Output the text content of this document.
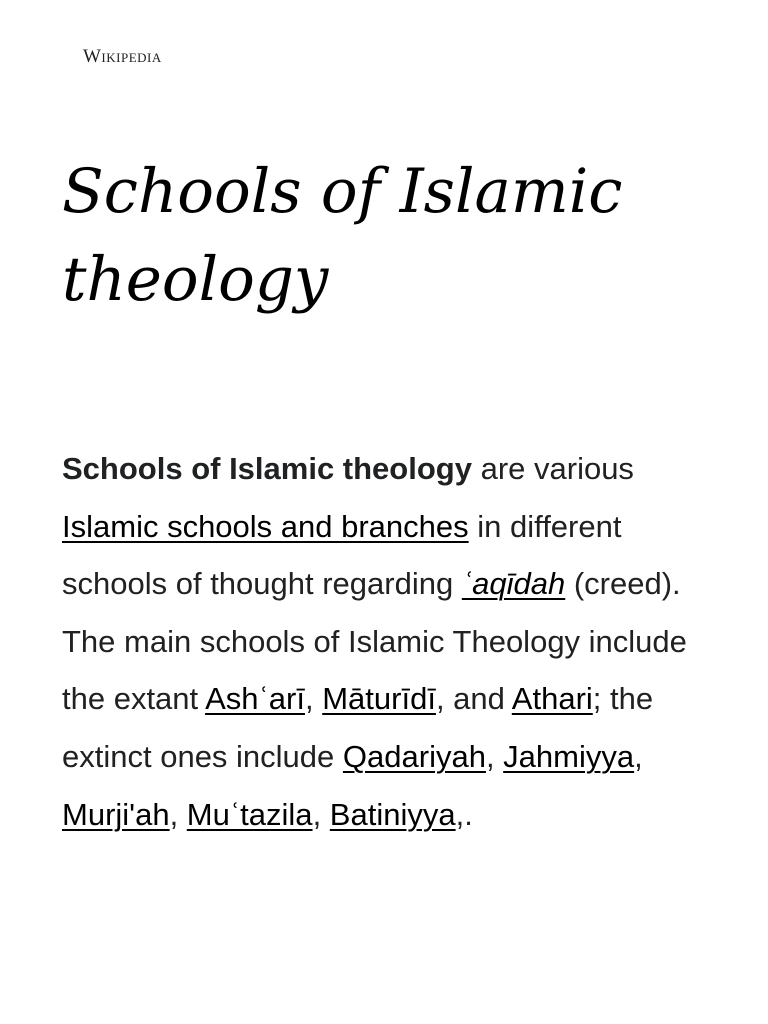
Wikipedia
Schools of Islamic theology

Schools of Islamic theology are various Islamic schools and branches in different schools of thought regarding ʿaqīdah (creed). The main schools of Islamic Theology include the extant Ashʿarī, Māturīdī, and Athari; the extinct ones include Qadariyah, Jahmiyya, Murji'ah, Muʿtazila, Batiniyya,.
